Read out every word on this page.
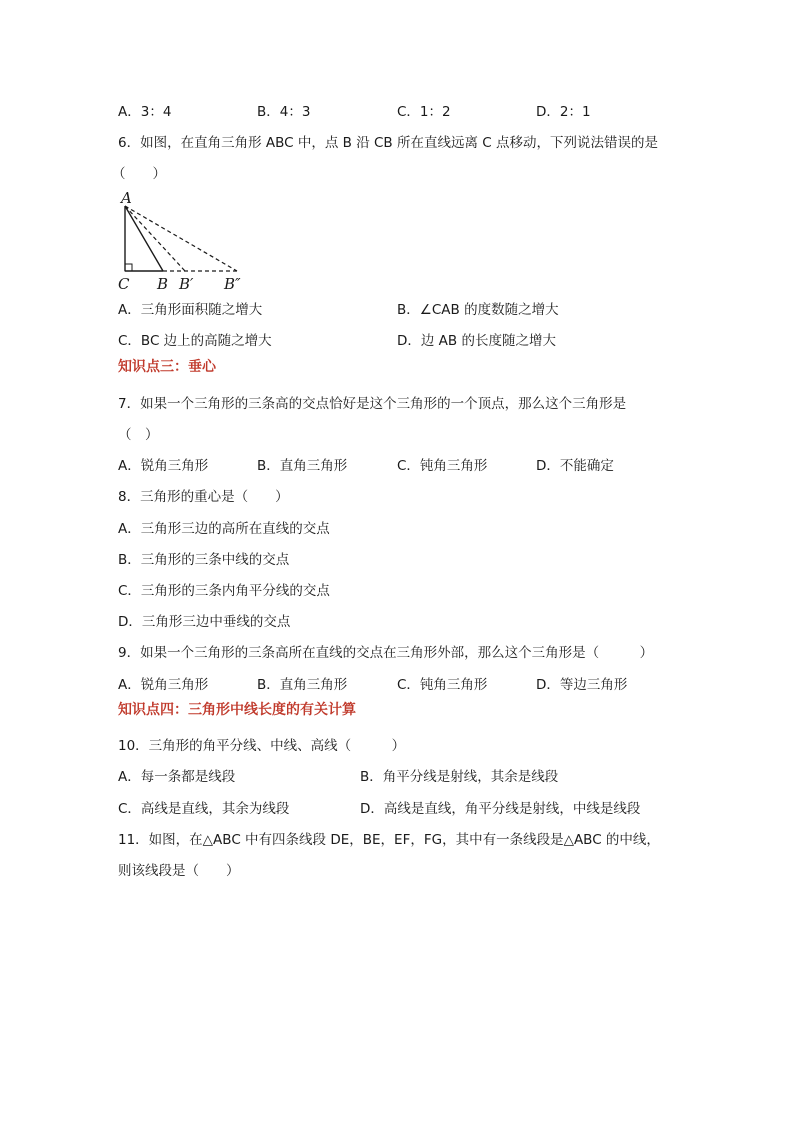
A．3：4	B．4：3	C．1：2	D．2：1
6．如图，在直角三角形 ABC 中，点 B 沿 CB 所在直线远离 C 点移动，下列说法错误的是
（　　）
A
C B B′ B″
A．三角形面积随之增大	B．∠CAB 的度数随之增大
C．BC 边上的高随之增大	D．边 AB 的长度随之增大
知识点三：垂心
7．如果一个三角形的三条高的交点恰好是这个三角形的一个顶点，那么这个三角形是
（　）
A．锐角三角形	B．直角三角形	C．钝角三角形	D．不能确定
8．三角形的重心是（　　）
A．三角形三边的高所在直线的交点
B．三角形的三条中线的交点
C．三角形的三条内角平分线的交点
D．三角形三边中垂线的交点
9．如果一个三角形的三条高所在直线的交点在三角形外部，那么这个三角形是（　　　）
A．锐角三角形	B．直角三角形	C．钝角三角形	D．等边三角形
知识点四：三角形中线长度的有关计算
10．三角形的角平分线、中线、高线（　　　）
A．每一条都是线段	B．角平分线是射线，其余是线段
C．高线是直线，其余为线段	D．高线是直线，角平分线是射线，中线是线段
11．如图，在△ABC 中有四条线段 DE，BE，EF，FG，其中有一条线段是△ABC 的中线，
则该线段是（　　）
